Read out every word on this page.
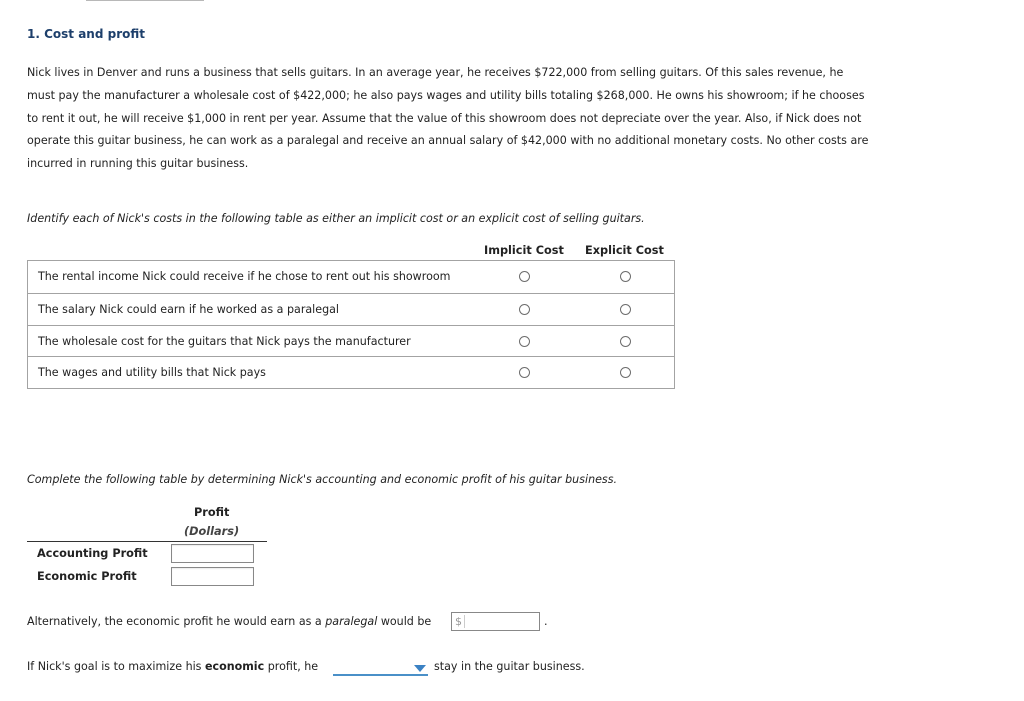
1. Cost and profit

Nick lives in Denver and runs a business that sells guitars. In an average year, he receives $722,000 from selling guitars. Of this sales revenue, he
must pay the manufacturer a wholesale cost of $422,000; he also pays wages and utility bills totaling $268,000. He owns his showroom; if he chooses
to rent it out, he will receive $1,000 in rent per year. Assume that the value of this showroom does not depreciate over the year. Also, if Nick does not
operate this guitar business, he can work as a paralegal and receive an annual salary of $42,000 with no additional monetary costs. No other costs are
incurred in running this guitar business.

Identify each of Nick's costs in the following table as either an implicit cost or an explicit cost of selling guitars.
Implicit Cost Explicit Cost
The rental income Nick could receive if he chose to rent out his showroom
The salary Nick could earn if he worked as a paralegal
The wholesale cost for the guitars that Nick pays the manufacturer
The wages and utility bills that Nick pays
Complete the following table by determining Nick's accounting and economic profit of his guitar business.
Profit
(Dollars)
Accounting Profit
Economic Profit
Alternatively, the economic profit he would earn as a paralegal would be $	.
If Nick's goal is to maximize his economic profit, he	stay in the guitar business.
